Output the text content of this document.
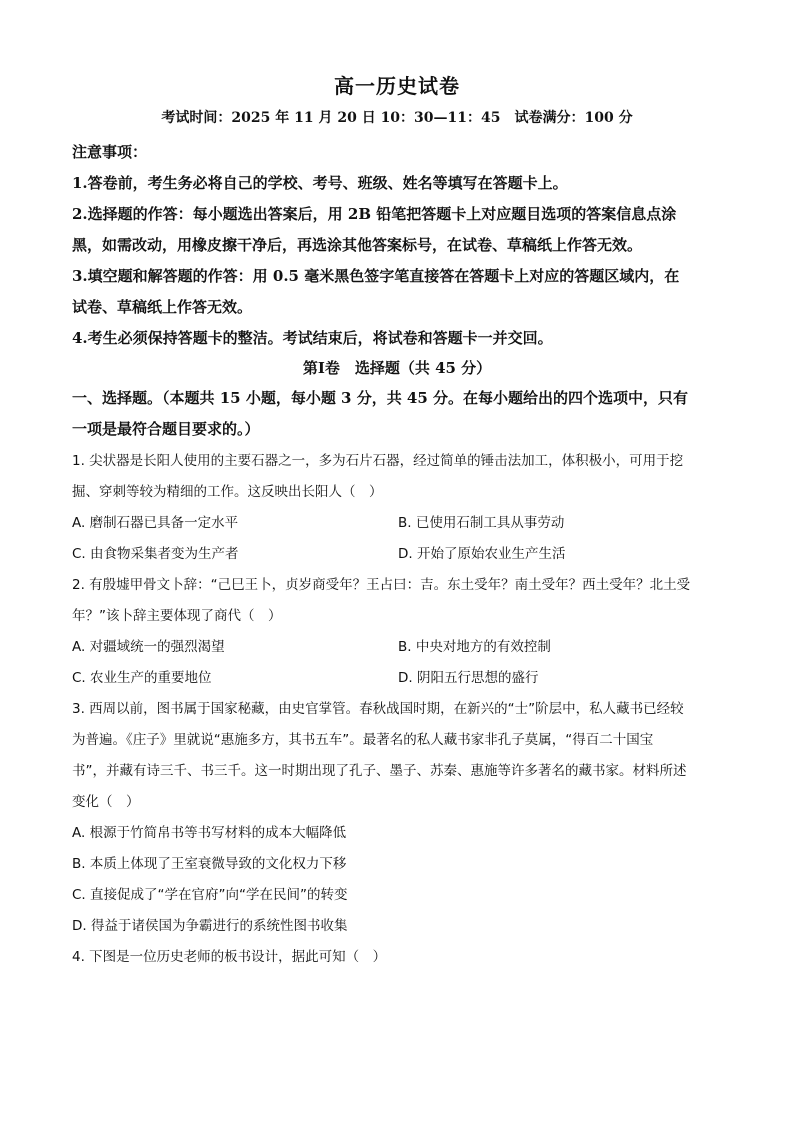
高一历史试卷
考试时间：2025 年 11 月 20 日 10：30—11：45　试卷满分：100 分

注意事项：

1.答卷前，考生务必将自己的学校、考号、班级、姓名等填写在答题卡上。

2.选择题的作答：每小题选出答案后，用 2B 铅笔把答题卡上对应题目选项的答案信息点涂

黑，如需改动，用橡皮擦干净后，再选涂其他答案标号，在试卷、草稿纸上作答无效。

3.填空题和解答题的作答：用 0.5 毫米黑色签字笔直接答在答题卡上对应的答题区域内，在

试卷、草稿纸上作答无效。

4.考生必须保持答题卡的整洁。考试结束后，将试卷和答题卡一并交回。

第Ⅰ卷　选择题（共 45 分）

一、选择题。（本题共 15 小题，每小题 3 分，共 45 分。在每小题给出的四个选项中，只有

一项是最符合题目要求的。）

1. 尖状器是长阳人使用的主要石器之一，多为石片石器，经过简单的锤击法加工，体积极小，可用于挖

掘、穿刺等较为精细的工作。这反映出长阳人（　）

A. 磨制石器已具备一定水平	B. 已使用石制工具从事劳动
C. 由食物采集者变为生产者	D. 开始了原始农业生产生活

2. 有殷墟甲骨文卜辞：“己巳王卜，贞岁商受年？王占曰：吉。东土受年？南土受年？西土受年？北土受

年？”该卜辞主要体现了商代（　）

A. 对疆域统一的强烈渴望	B. 中央对地方的有效控制
C. 农业生产的重要地位	D. 阴阳五行思想的盛行

3. 西周以前，图书属于国家秘藏，由史官掌管。春秋战国时期，在新兴的“士”阶层中，私人藏书已经较

为普遍。《庄子》里就说“惠施多方，其书五车”。最著名的私人藏书家非孔子莫属，“得百二十国宝

书”，并藏有诗三千、书三千。这一时期出现了孔子、墨子、苏秦、惠施等许多著名的藏书家。材料所述

变化（　）

A. 根源于竹简帛书等书写材料的成本大幅降低

B. 本质上体现了王室衰微导致的文化权力下移

C. 直接促成了“学在官府”向“学在民间”的转变

D. 得益于诸侯国为争霸进行的系统性图书收集

4. 下图是一位历史老师的板书设计，据此可知（　）
